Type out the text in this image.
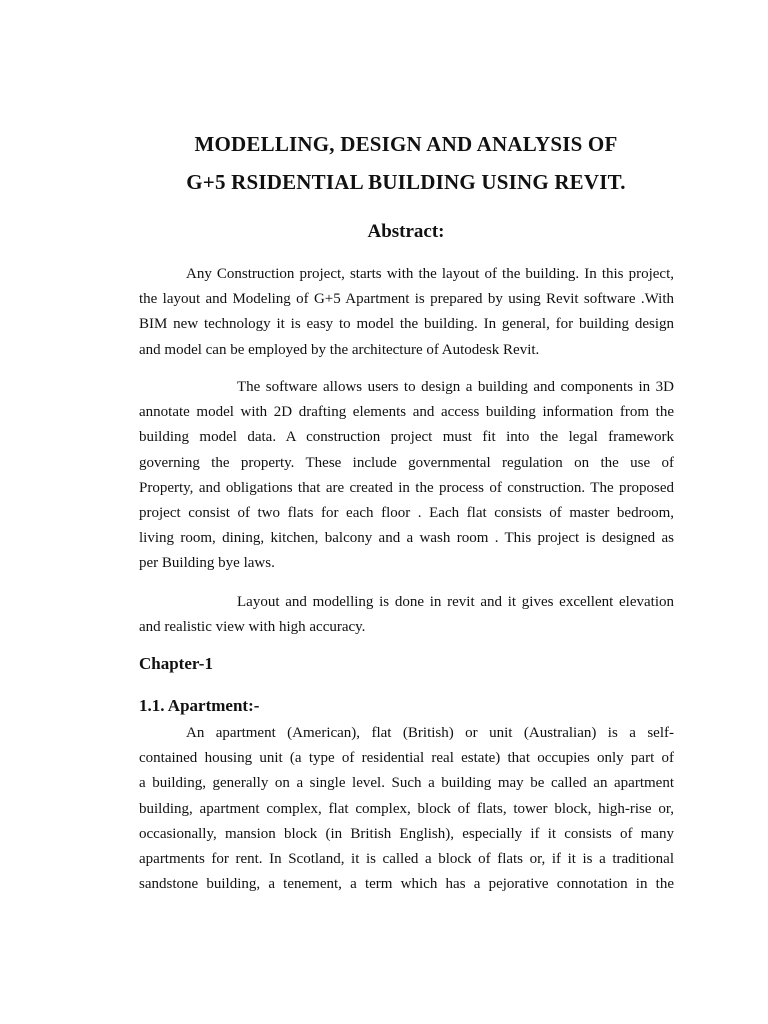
MODELLING, DESIGN AND ANALYSIS OF
G+5 RSIDENTIAL BUILDING USING REVIT.
Abstract:
Any Construction project, starts with the layout of the building. In this project,
the layout and Modeling of G+5 Apartment is prepared by using Revit software .With
BIM new technology it is easy to model the building. In general, for building design
and model can be employed by the architecture of Autodesk Revit.
The software allows users to design a building and components in 3D
annotate model with 2D drafting elements and access building information from the
building model data. A construction project must fit into the legal framework
governing the property. These include governmental regulation on the use of
Property, and obligations that are created in the process of construction. The proposed
project consist of two flats for each floor . Each flat consists of master bedroom,
living room, dining, kitchen, balcony and a wash room . This project is designed as
per Building bye laws.
Layout and modelling is done in revit and it gives excellent elevation
and realistic view with high accuracy.
Chapter-1
1.1. Apartment:-
An apartment (American), flat (British) or unit (Australian) is a self-
contained housing unit (a type of residential real estate) that occupies only part of
a building, generally on a single level. Such a building may be called an apartment
building, apartment complex, flat complex, block of flats, tower block, high-rise or,
occasionally, mansion block (in British English), especially if it consists of many
apartments for rent. In Scotland, it is called a block of flats or, if it is a traditional
sandstone building, a tenement, a term which has a pejorative connotation in the
